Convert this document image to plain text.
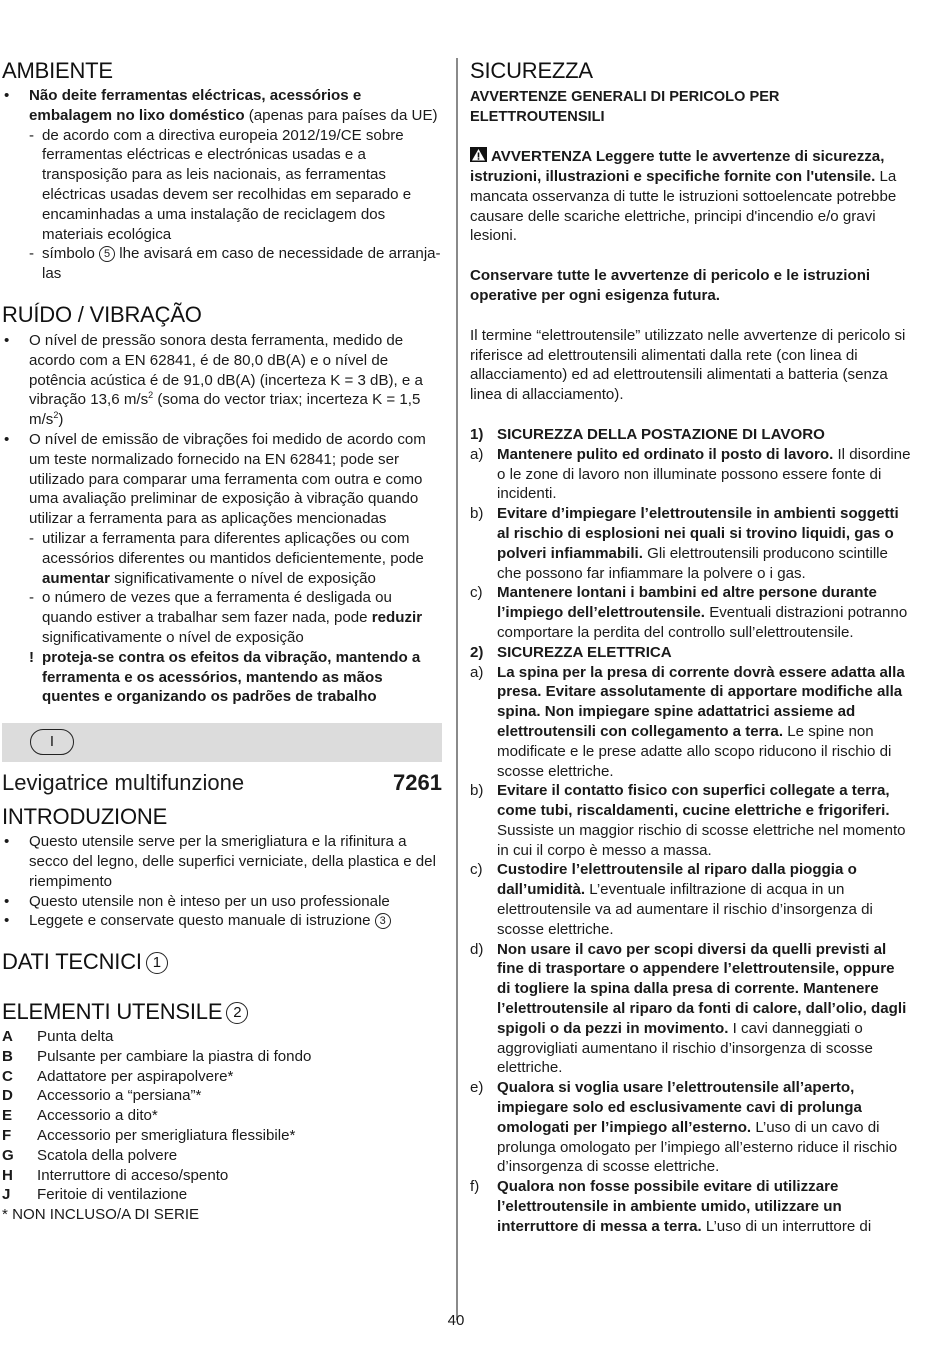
AMBIENTE
• Não deite ferramentas eléctricas, acessórios e embalagem no lixo doméstico (apenas para países da UE)
- de acordo com a directiva europeia 2012/19/CE sobre ferramentas eléctricas e electrónicas usadas e a transposição para as leis nacionais, as ferramentas eléctricas usadas devem ser recolhidas em separado e encaminhadas a uma instalação de reciclagem dos materiais ecológica
- símbolo 5 lhe avisará em caso de necessidade de arranja-las
RUÍDO / VIBRAÇÃO
• O nível de pressão sonora desta ferramenta, medido de acordo com a EN 62841, é de 80,0 dB(A) e o nível de potência acústica é de 91,0 dB(A) (incerteza K = 3 dB), e a vibração 13,6 $m/s^2$ (soma do vector triax; incerteza K = 1,5 $m/s^2$)
• O nível de emissão de vibrações foi medido de acordo com um teste normalizado fornecido na EN 62841; pode ser utilizado para comparar uma ferramenta com outra e como uma avaliação preliminar de exposição à vibração quando utilizar a ferramenta para as aplicações mencionadas
- utilizar a ferramenta para diferentes aplicações ou com acessórios diferentes ou mantidos deficientemente, pode aumentar significativamente o nível de exposição
- o número de vezes que a ferramenta é desligada ou quando estiver a trabalhar sem fazer nada, pode reduzir significativamente o nível de exposição
! proteja-se contra os efeitos da vibração, mantendo a ferramenta e os acessórios, mantendo as mãos quentes e organizando os padrões de trabalho
I
Levigatrice multifunzione	7261
INTRODUZIONE
• Questo utensile serve per la smerigliatura e la rifinitura a secco del legno, delle superfici verniciate, della plastica e del riempimento
• Questo utensile non è inteso per un uso professionale
• Leggete e conservate questo manuale di istruzione 3
DATI TECNICI 1
ELEMENTI UTENSILE 2
A	Punta delta
B	Pulsante per cambiare la piastra di fondo
C	Adattatore per aspirapolvere*
D	Accessorio a “persiana”*
E	Accessorio a dito*
F	Accessorio per smerigliatura flessibile*
G	Scatola della polvere
H	Interruttore di acceso/spento
J	Feritoie di ventilazione
* NON INCLUSO/A DI SERIE
SICUREZZA
AVVERTENZE GENERALI DI PERICOLO PER ELETTROUTENSILI
AVVERTENZA Leggere tutte le avvertenze di sicurezza, istruzioni, illustrazioni e specifiche fornite con l'utensile. La mancata osservanza di tutte le istruzioni sottoelencate potrebbe causare delle scariche elettriche, principi d'incendio e/o gravi lesioni.
Conservare tutte le avvertenze di pericolo e le istruzioni operative per ogni esigenza futura.
Il termine “elettroutensile” utilizzato nelle avvertenze di pericolo si riferisce ad elettroutensili alimentati dalla rete (con linea di allacciamento) ed ad elettroutensili alimentati a batteria (senza linea di allacciamento).
1) SICUREZZA DELLA POSTAZIONE DI LAVORO
a) Mantenere pulito ed ordinato il posto di lavoro. Il disordine o le zone di lavoro non illuminate possono essere fonte di incidenti.
b) Evitare d’impiegare l’elettroutensile in ambienti soggetti al rischio di esplosioni nei quali si trovino liquidi, gas o polveri infiammabili. Gli elettroutensili producono scintille che possono far infiammare la polvere o i gas.
c) Mantenere lontani i bambini ed altre persone durante l’impiego dell’elettroutensile. Eventuali distrazioni potranno comportare la perdita del controllo sull’elettroutensile.
2) SICUREZZA ELETTRICA
a) La spina per la presa di corrente dovrà essere adatta alla presa. Evitare assolutamente di apportare modifiche alla spina. Non impiegare spine adattatrici assieme ad elettroutensili con collegamento a terra. Le spine non modificate e le prese adatte allo scopo riducono il rischio di scosse elettriche.
b) Evitare il contatto fisico con superfici collegate a terra, come tubi, riscaldamenti, cucine elettriche e frigoriferi. Sussiste un maggior rischio di scosse elettriche nel momento in cui il corpo è messo a massa.
c) Custodire l’elettroutensile al riparo dalla pioggia o dall’umidità. L’eventuale infiltrazione di acqua in un elettroutensile va ad aumentare il rischio d’insorgenza di scosse elettriche.
d) Non usare il cavo per scopi diversi da quelli previsti al fine di trasportare o appendere l’elettroutensile, oppure di togliere la spina dalla presa di corrente. Mantenere l’elettroutensile al riparo da fonti di calore, dall’olio, dagli spigoli o da pezzi in movimento. I cavi danneggiati o aggrovigliati aumentano il rischio d’insorgenza di scosse elettriche.
e) Qualora si voglia usare l’elettroutensile all’aperto, impiegare solo ed esclusivamente cavi di prolunga omologati per l’impiego all’esterno. L’uso di un cavo di prolunga omologato per l’impiego all’esterno riduce il rischio d’insorgenza di scosse elettriche.
f) Qualora non fosse possibile evitare di utilizzare l’elettroutensile in ambiente umido, utilizzare un interruttore di messa a terra. L’uso di un interruttore di
40
